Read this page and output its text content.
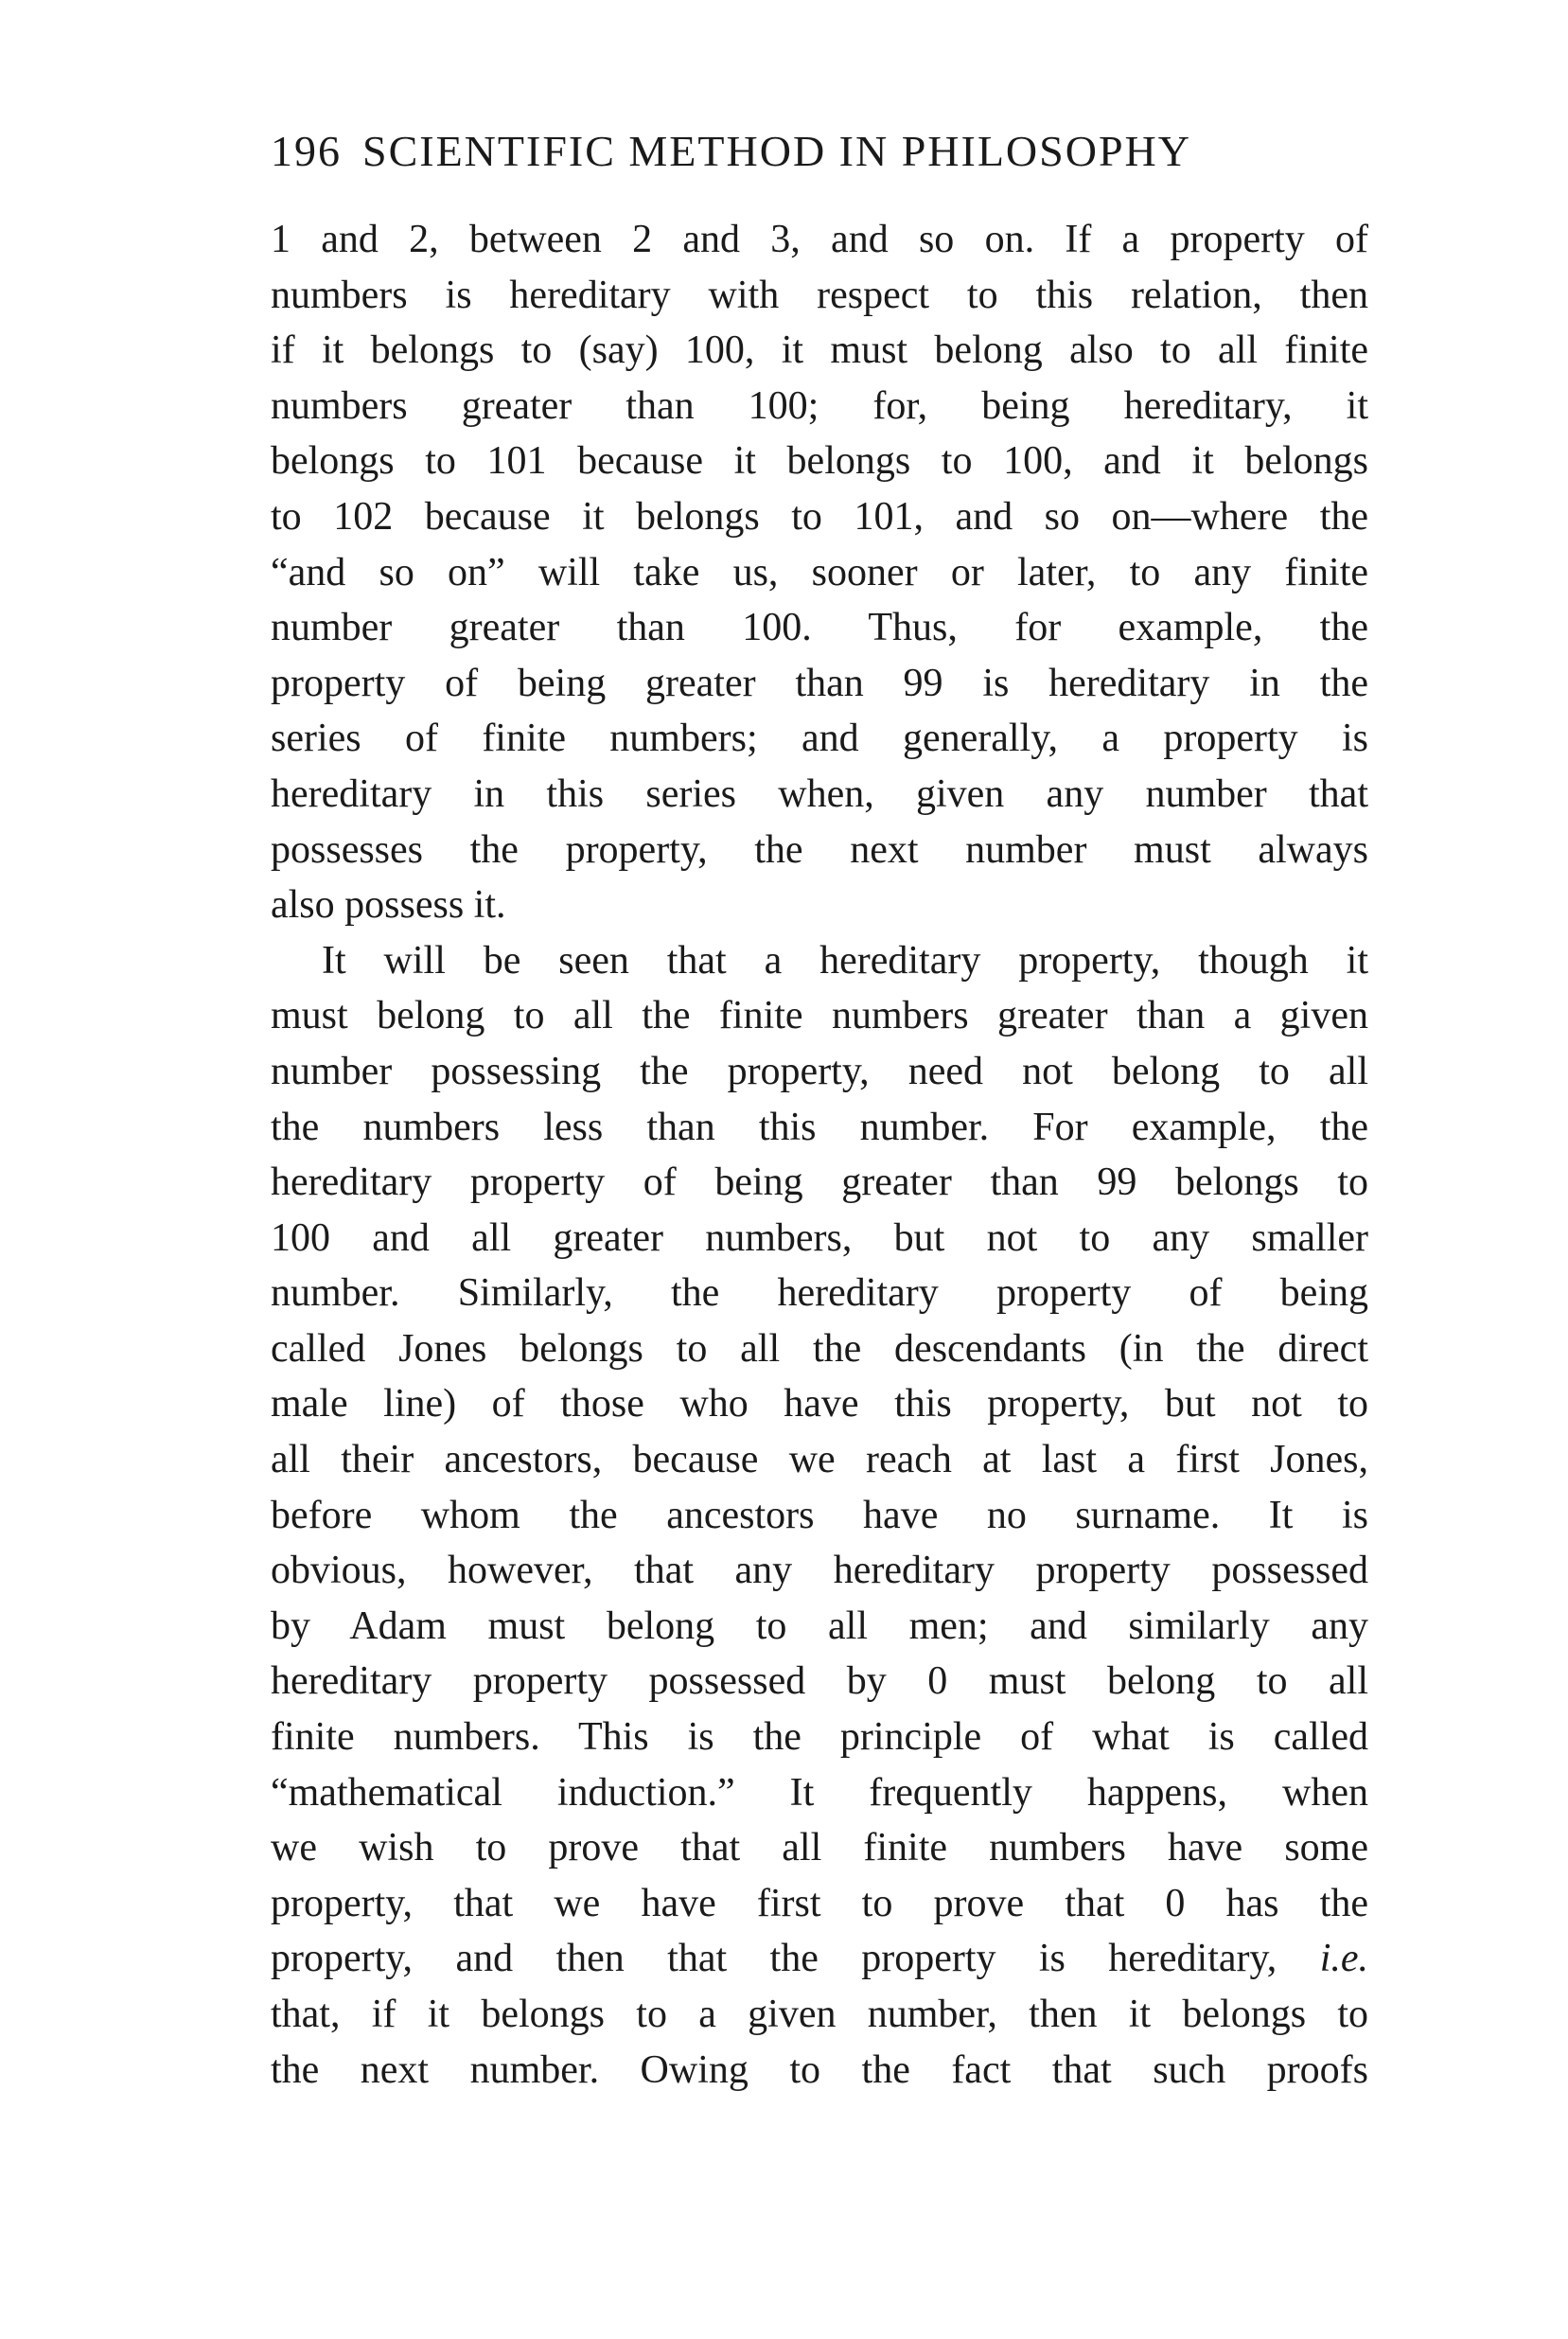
196 SCIENTIFIC METHOD IN PHILOSOPHY
1 and 2, between 2 and 3, and so on. If a property of
numbers is hereditary with respect to this relation, then
if it belongs to (say) 100, it must belong also to all finite
numbers greater than 100; for, being hereditary, it
belongs to 101 because it belongs to 100, and it belongs
to 102 because it belongs to 101, and so on—where the
“and so on” will take us, sooner or later, to any finite
number greater than 100. Thus, for example, the
property of being greater than 99 is hereditary in the
series of finite numbers; and generally, a property is
hereditary in this series when, given any number that
possesses the property, the next number must always
also possess it.
It will be seen that a hereditary property, though it
must belong to all the finite numbers greater than a given
number possessing the property, need not belong to all
the numbers less than this number. For example, the
hereditary property of being greater than 99 belongs to
100 and all greater numbers, but not to any smaller
number. Similarly, the hereditary property of being
called Jones belongs to all the descendants (in the direct
male line) of those who have this property, but not to
all their ancestors, because we reach at last a first Jones,
before whom the ancestors have no surname. It is
obvious, however, that any hereditary property possessed
by Adam must belong to all men; and similarly any
hereditary property possessed by 0 must belong to all
finite numbers. This is the principle of what is called
“mathematical induction.” It frequently happens, when
we wish to prove that all finite numbers have some
property, that we have first to prove that 0 has the
property, and then that the property is hereditary, i.e.
that, if it belongs to a given number, then it belongs to
the next number. Owing to the fact that such proofs
